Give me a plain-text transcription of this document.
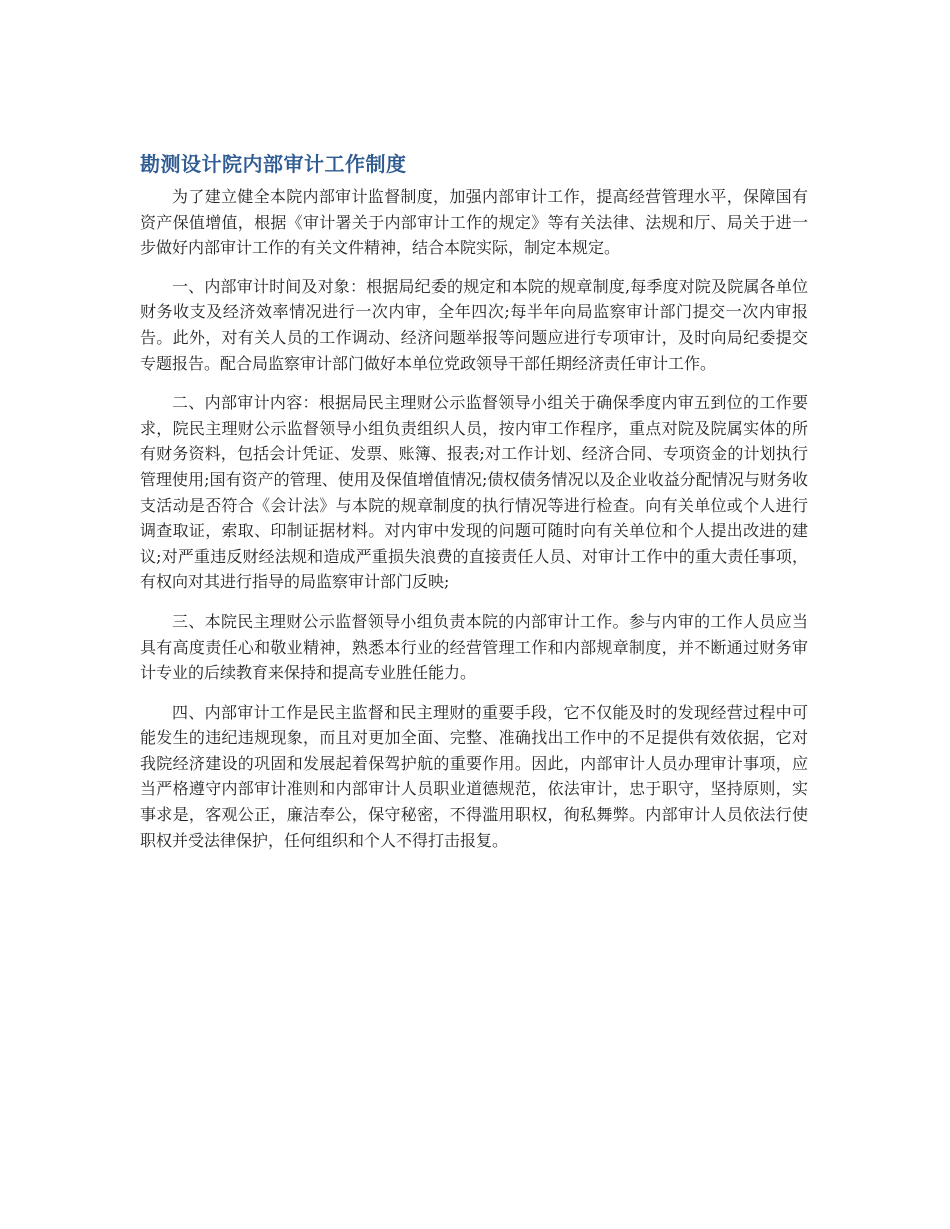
勘测设计院内部审计工作制度

为了建立健全本院内部审计监督制度，加强内部审计工作，提高经营管理水平，保障国有资产保值增值，根据《审计署关于内部审计工作的规定》等有关法律、法规和厅、局关于进一步做好内部审计工作的有关文件精神，结合本院实际，制定本规定。

一、内部审计时间及对象：根据局纪委的规定和本院的规章制度,每季度对院及院属各单位财务收支及经济效率情况进行一次内审，全年四次;每半年向局监察审计部门提交一次内审报告。此外，对有关人员的工作调动、经济问题举报等问题应进行专项审计，及时向局纪委提交专题报告。配合局监察审计部门做好本单位党政领导干部任期经济责任审计工作。

二、内部审计内容：根据局民主理财公示监督领导小组关于确保季度内审五到位的工作要求，院民主理财公示监督领导小组负责组织人员，按内审工作程序，重点对院及院属实体的所有财务资料，包括会计凭证、发票、账簿、报表;对工作计划、经济合同、专项资金的计划执行管理使用;国有资产的管理、使用及保值增值情况;债权债务情况以及企业收益分配情况与财务收支活动是否符合《会计法》与本院的规章制度的执行情况等进行检查。向有关单位或个人进行调查取证，索取、印制证据材料。对内审中发现的问题可随时向有关单位和个人提出改进的建议;对严重违反财经法规和造成严重损失浪费的直接责任人员、对审计工作中的重大责任事项，有权向对其进行指导的局监察审计部门反映;

三、本院民主理财公示监督领导小组负责本院的内部审计工作。参与内审的工作人员应当具有高度责任心和敬业精神，熟悉本行业的经营管理工作和内部规章制度，并不断通过财务审计专业的后续教育来保持和提高专业胜任能力。

四、内部审计工作是民主监督和民主理财的重要手段，它不仅能及时的发现经营过程中可能发生的违纪违规现象，而且对更加全面、完整、准确找出工作中的不足提供有效依据，它对我院经济建设的巩固和发展起着保驾护航的重要作用。因此，内部审计人员办理审计事项，应当严格遵守内部审计准则和内部审计人员职业道德规范，依法审计，忠于职守，坚持原则，实事求是，客观公正，廉洁奉公，保守秘密，不得滥用职权，徇私舞弊。内部审计人员依法行使职权并受法律保护，任何组织和个人不得打击报复。
